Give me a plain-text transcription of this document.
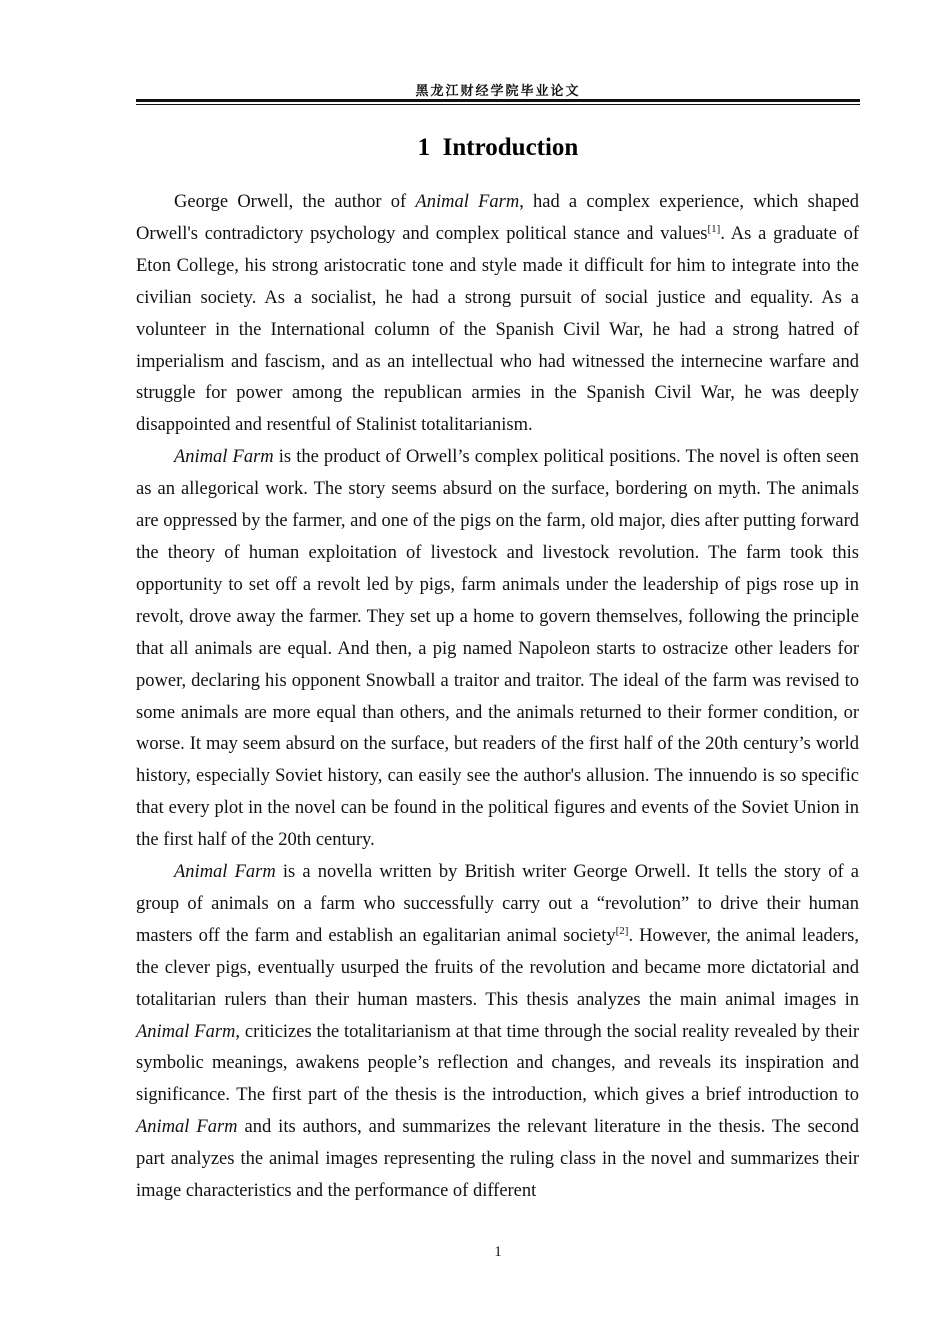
黑龙江财经学院毕业论文
1 Introduction

George Orwell, the author of Animal Farm, had a complex experience, which shaped Orwell's contradictory psychology and complex political stance and values[1]. As a graduate of Eton College, his strong aristocratic tone and style made it difficult for him to integrate into the civilian society. As a socialist, he had a strong pursuit of social justice and equality. As a volunteer in the International column of the Spanish Civil War, he had a strong hatred of imperialism and fascism, and as an intellectual who had witnessed the internecine warfare and struggle for power among the republican armies in the Spanish Civil War, he was deeply disappointed and resentful of Stalinist totalitarianism.

Animal Farm is the product of Orwell’s complex political positions. The novel is often seen as an allegorical work. The story seems absurd on the surface, bordering on myth. The animals are oppressed by the farmer, and one of the pigs on the farm, old major, dies after putting forward the theory of human exploitation of livestock and livestock revolution. The farm took this opportunity to set off a revolt led by pigs, farm animals under the leadership of pigs rose up in revolt, drove away the farmer. They set up a home to govern themselves, following the principle that all animals are equal. And then, a pig named Napoleon starts to ostracize other leaders for power, declaring his opponent Snowball a traitor and traitor. The ideal of the farm was revised to some animals are more equal than others, and the animals returned to their former condition, or worse. It may seem absurd on the surface, but readers of the first half of the 20th century’s world history, especially Soviet history, can easily see the author's allusion. The innuendo is so specific that every plot in the novel can be found in the political figures and events of the Soviet Union in the first half of the 20th century.

Animal Farm is a novella written by British writer George Orwell. It tells the story of a group of animals on a farm who successfully carry out a “revolution” to drive their human masters off the farm and establish an egalitarian animal society[2]. However, the animal leaders, the clever pigs, eventually usurped the fruits of the revolution and became more dictatorial and totalitarian rulers than their human masters. This thesis analyzes the main animal images in Animal Farm, criticizes the totalitarianism at that time through the social reality revealed by their symbolic meanings, awakens people’s reflection and changes, and reveals its inspiration and significance. The first part of the thesis is the introduction, which gives a brief introduction to Animal Farm and its authors, and summarizes the relevant literature in the thesis. The second part analyzes the animal images representing the ruling class in the novel and summarizes their image characteristics and the performance of different

1
